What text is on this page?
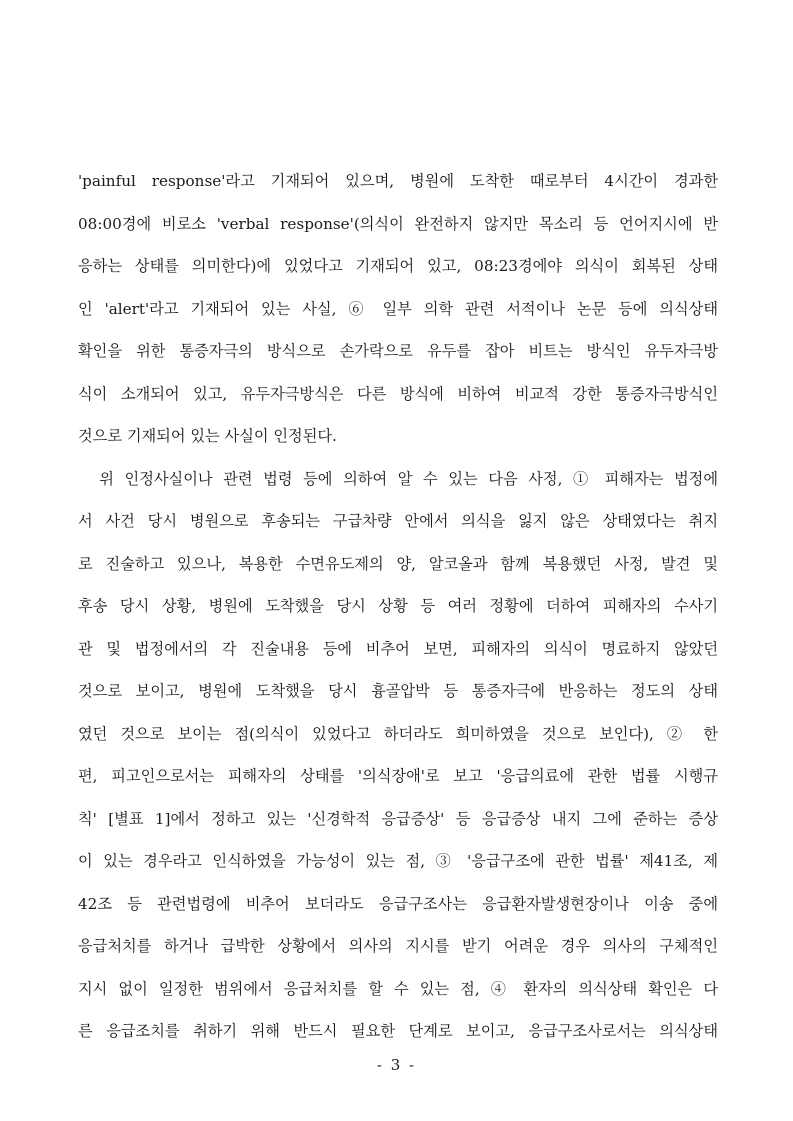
'painful response'라고 기재되어 있으며, 병원에 도착한 때로부터 4시간이 경과한
08:00경에 비로소 'verbal response'(의식이 완전하지 않지만 목소리 등 언어지시에 반
응하는 상태를 의미한다)에 있었다고 기재되어 있고, 08:23경에야 의식이 회복된 상태
인 'alert'라고 기재되어 있는 사실, ⑥ 일부 의학 관련 서적이나 논문 등에 의식상태
확인을 위한 통증자극의 방식으로 손가락으로 유두를 잡아 비트는 방식인 유두자극방
식이 소개되어 있고, 유두자극방식은 다른 방식에 비하여 비교적 강한 통증자극방식인
것으로 기재되어 있는 사실이 인정된다.
위 인정사실이나 관련 법령 등에 의하여 알 수 있는 다음 사정, ① 피해자는 법정에
서 사건 당시 병원으로 후송되는 구급차량 안에서 의식을 잃지 않은 상태였다는 취지
로 진술하고 있으나, 복용한 수면유도제의 양, 알코올과 함께 복용했던 사정, 발견 및
후송 당시 상황, 병원에 도착했을 당시 상황 등 여러 정황에 더하여 피해자의 수사기
관 및 법정에서의 각 진술내용 등에 비추어 보면, 피해자의 의식이 명료하지 않았던
것으로 보이고, 병원에 도착했을 당시 흉골압박 등 통증자극에 반응하는 정도의 상태
였던 것으로 보이는 점(의식이 있었다고 하더라도 희미하였을 것으로 보인다), ② 한
편, 피고인으로서는 피해자의 상태를 '의식장애'로 보고 '응급의료에 관한 법률 시행규
칙' [별표 1]에서 정하고 있는 '신경학적 응급증상' 등 응급증상 내지 그에 준하는 증상
이 있는 경우라고 인식하였을 가능성이 있는 점, ③ '응급구조에 관한 법률' 제41조, 제
42조 등 관련법령에 비추어 보더라도 응급구조사는 응급환자발생현장이나 이송 중에
응급처치를 하거나 급박한 상황에서 의사의 지시를 받기 어려운 경우 의사의 구체적인
지시 없이 일정한 범위에서 응급처치를 할 수 있는 점, ④ 환자의 의식상태 확인은 다
른 응급조치를 취하기 위해 반드시 필요한 단계로 보이고, 응급구조사로서는 의식상태
- 3 -
